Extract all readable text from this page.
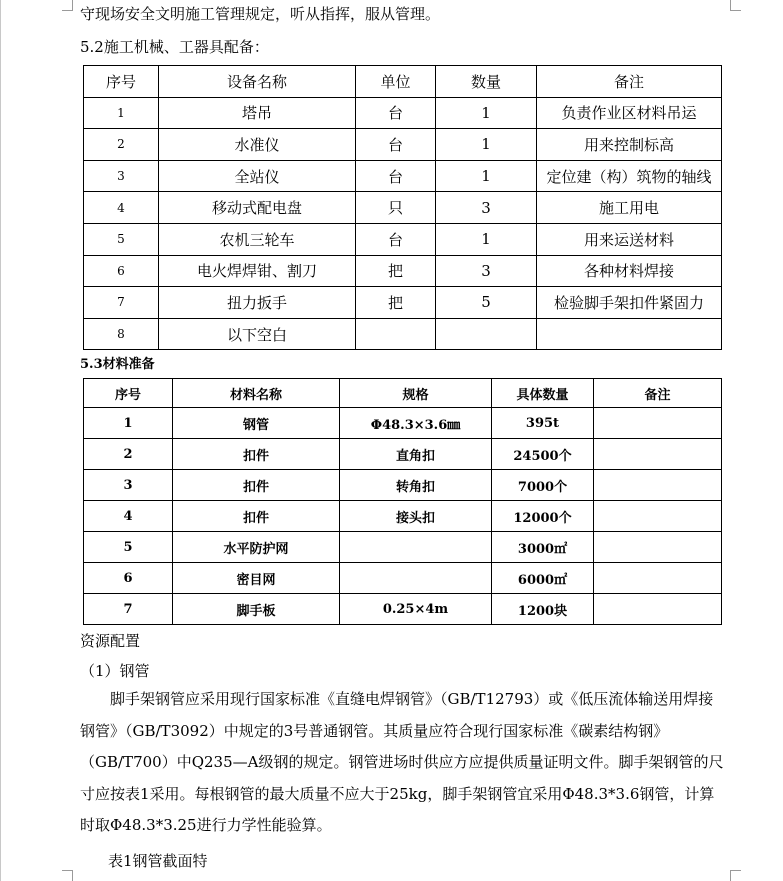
守现场安全文明施工管理规定，听从指挥，服从管理。
5.2施工机械、工器具配备：
序号	设备名称	单位	数量	备注
1	塔吊	台	1	负责作业区材料吊运
2	水准仪	台	1	用来控制标高
3	全站仪	台	1	定位建（构）筑物的轴线
4	移动式配电盘	只	3	施工用电
5	农机三轮车	台	1	用来运送材料
6	电火焊焊钳、割刀	把	3	各种材料焊接
7	扭力扳手	把	5	检验脚手架扣件紧固力
8	以下空白			
5.3材料准备
序号	材料名称	规格	具体数量	备注
1	钢管	Φ48.3×3.6㎜	395t	
2	扣件	直角扣	24500个	
3	扣件	转角扣	7000个	
4	扣件	接头扣	12000个	
5	水平防护网		3000㎡	
6	密目网		6000㎡	
7	脚手板	0.25×4m	1200块	
资源配置
（1）钢管
脚手架钢管应采用现行国家标准《直缝电焊钢管》（GB/T12793）或《低压流体输送用焊接钢管》（GB/T3092）中规定的3号普通钢管。其质量应符合现行国家标准《碳素结构钢》（GB/T700）中Q235—A级钢的规定。钢管进场时供应方应提供质量证明文件。脚手架钢管的尺寸应按表1采用。每根钢管的最大质量不应大于25kg，脚手架钢管宜采用Φ48.3*3.6钢管，计算时取Φ48.3*3.25进行力学性能验算。
表1钢管截面特
